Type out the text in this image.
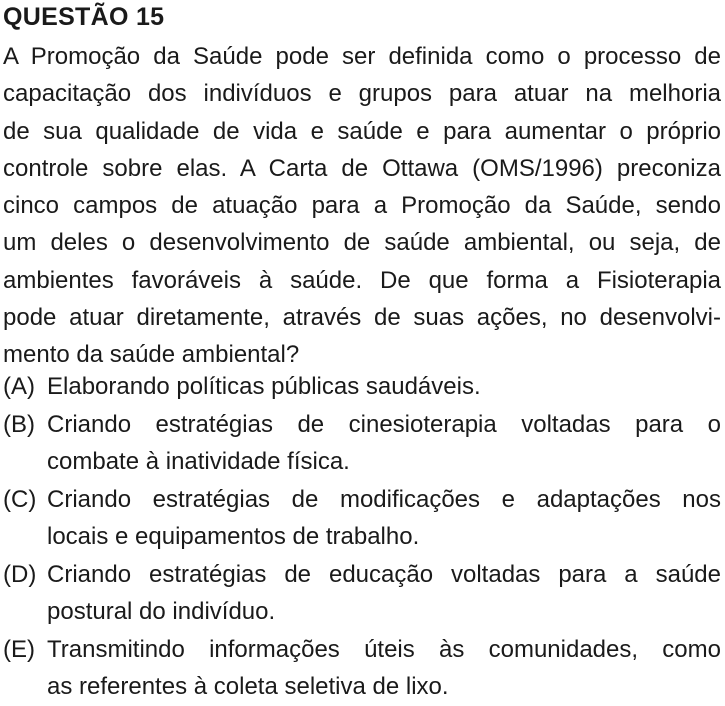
QUESTÃO 15
A Promoção da Saúde pode ser definida como o processo de
capacitação dos indivíduos e grupos para atuar na melhoria
de sua qualidade de vida e saúde e para aumentar o próprio
controle sobre elas. A Carta de Ottawa (OMS/1996) preconiza
cinco campos de atuação para a Promoção da Saúde, sendo
um deles o desenvolvimento de saúde ambiental, ou seja, de
ambientes favoráveis à saúde. De que forma a Fisioterapia
pode atuar diretamente, através de suas ações, no desenvolvi-
mento da saúde ambiental?
(A) Elaborando políticas públicas saudáveis.
(B) Criando estratégias de cinesioterapia voltadas para o
combate à inatividade física.
(C) Criando estratégias de modificações e adaptações nos
locais e equipamentos de trabalho.
(D) Criando estratégias de educação voltadas para a saúde
postural do indivíduo.
(E) Transmitindo informações úteis às comunidades, como
as referentes à coleta seletiva de lixo.
